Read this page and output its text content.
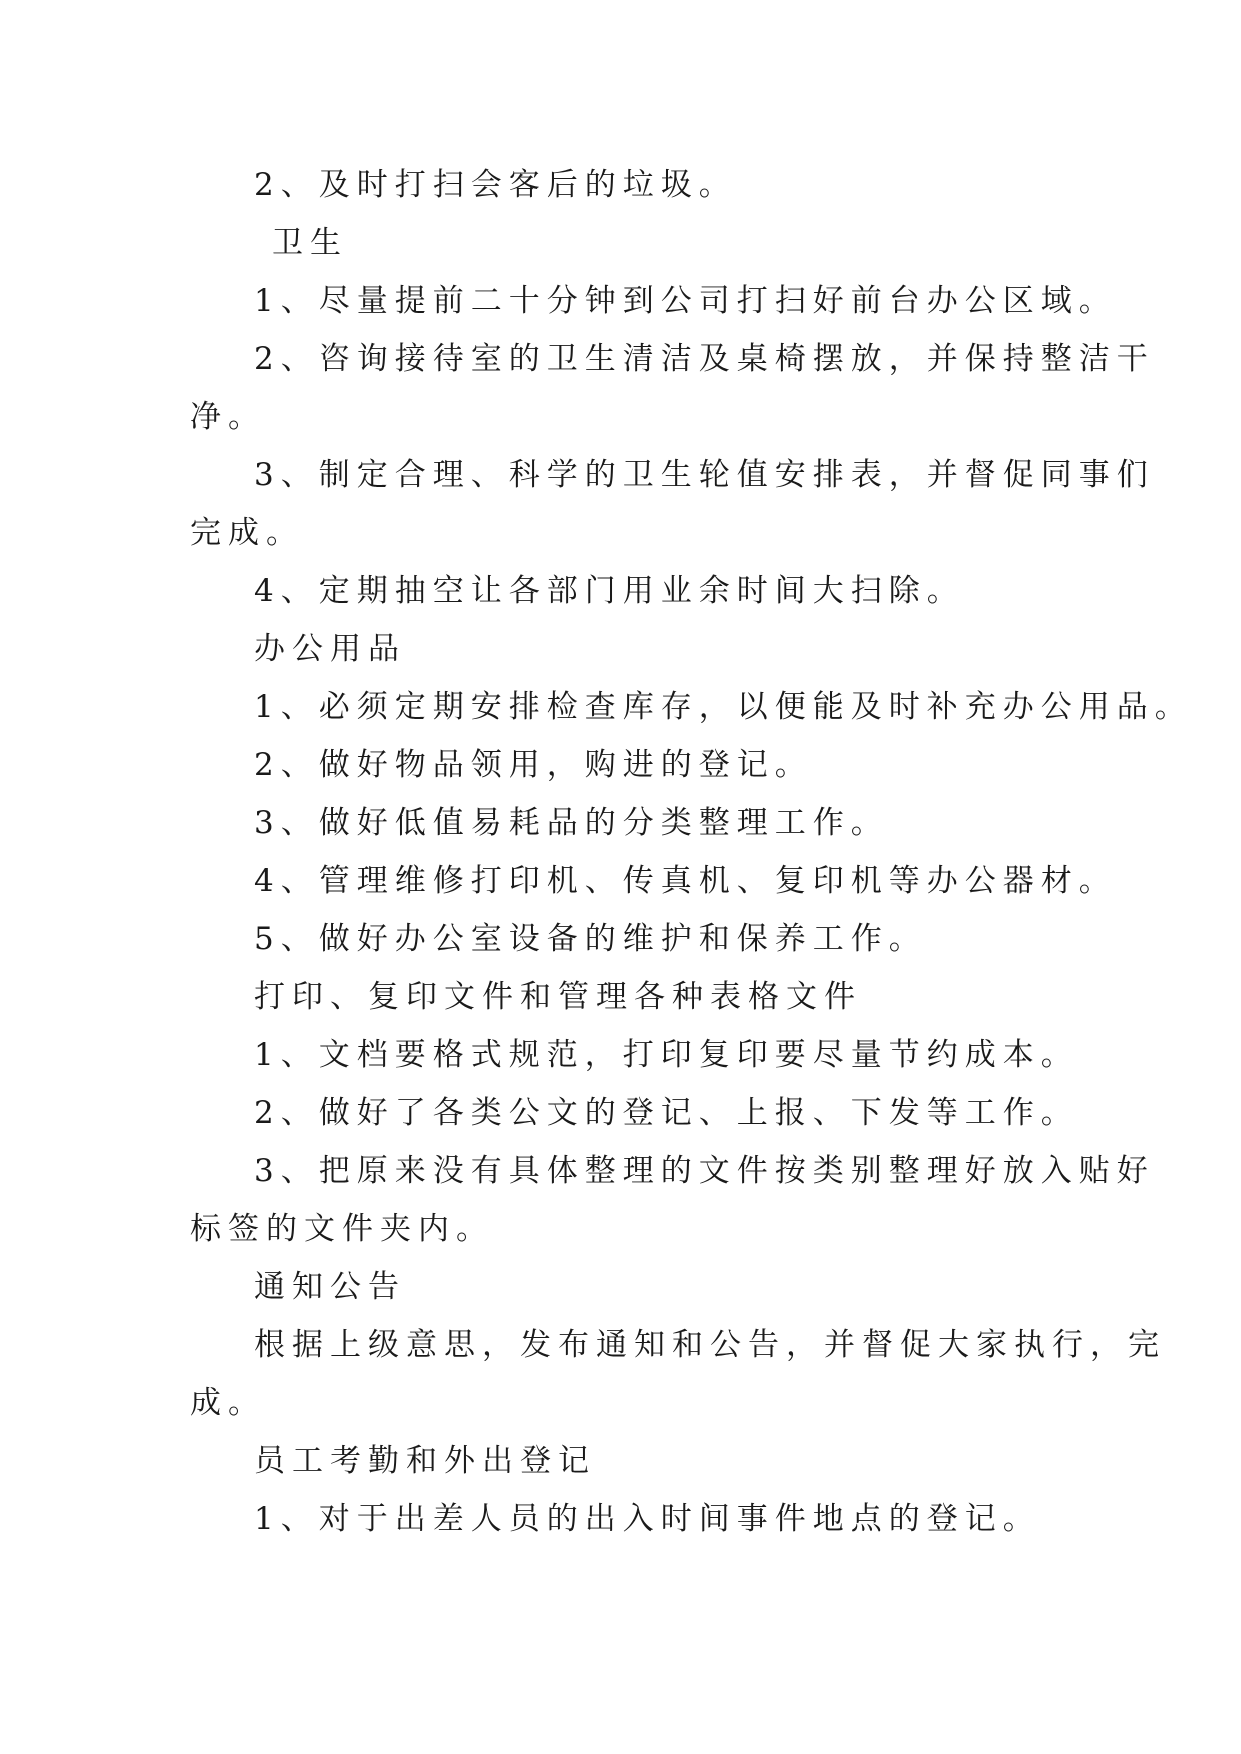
2、及时打扫会客后的垃圾。
卫生
1、尽量提前二十分钟到公司打扫好前台办公区域。
2、咨询接待室的卫生清洁及桌椅摆放，并保持整洁干
净。
3、制定合理、科学的卫生轮值安排表，并督促同事们
完成。
4、定期抽空让各部门用业余时间大扫除。
办公用品
1、必须定期安排检查库存，以便能及时补充办公用品。
2、做好物品领用，购进的登记。
3、做好低值易耗品的分类整理工作。
4、管理维修打印机、传真机、复印机等办公器材。
5、做好办公室设备的维护和保养工作。
打印、复印文件和管理各种表格文件
1、文档要格式规范，打印复印要尽量节约成本。
2、做好了各类公文的登记、上报、下发等工作。
3、把原来没有具体整理的文件按类别整理好放入贴好
标签的文件夹内。
通知公告
根据上级意思，发布通知和公告，并督促大家执行，完
成。
员工考勤和外出登记
1、对于出差人员的出入时间事件地点的登记。
